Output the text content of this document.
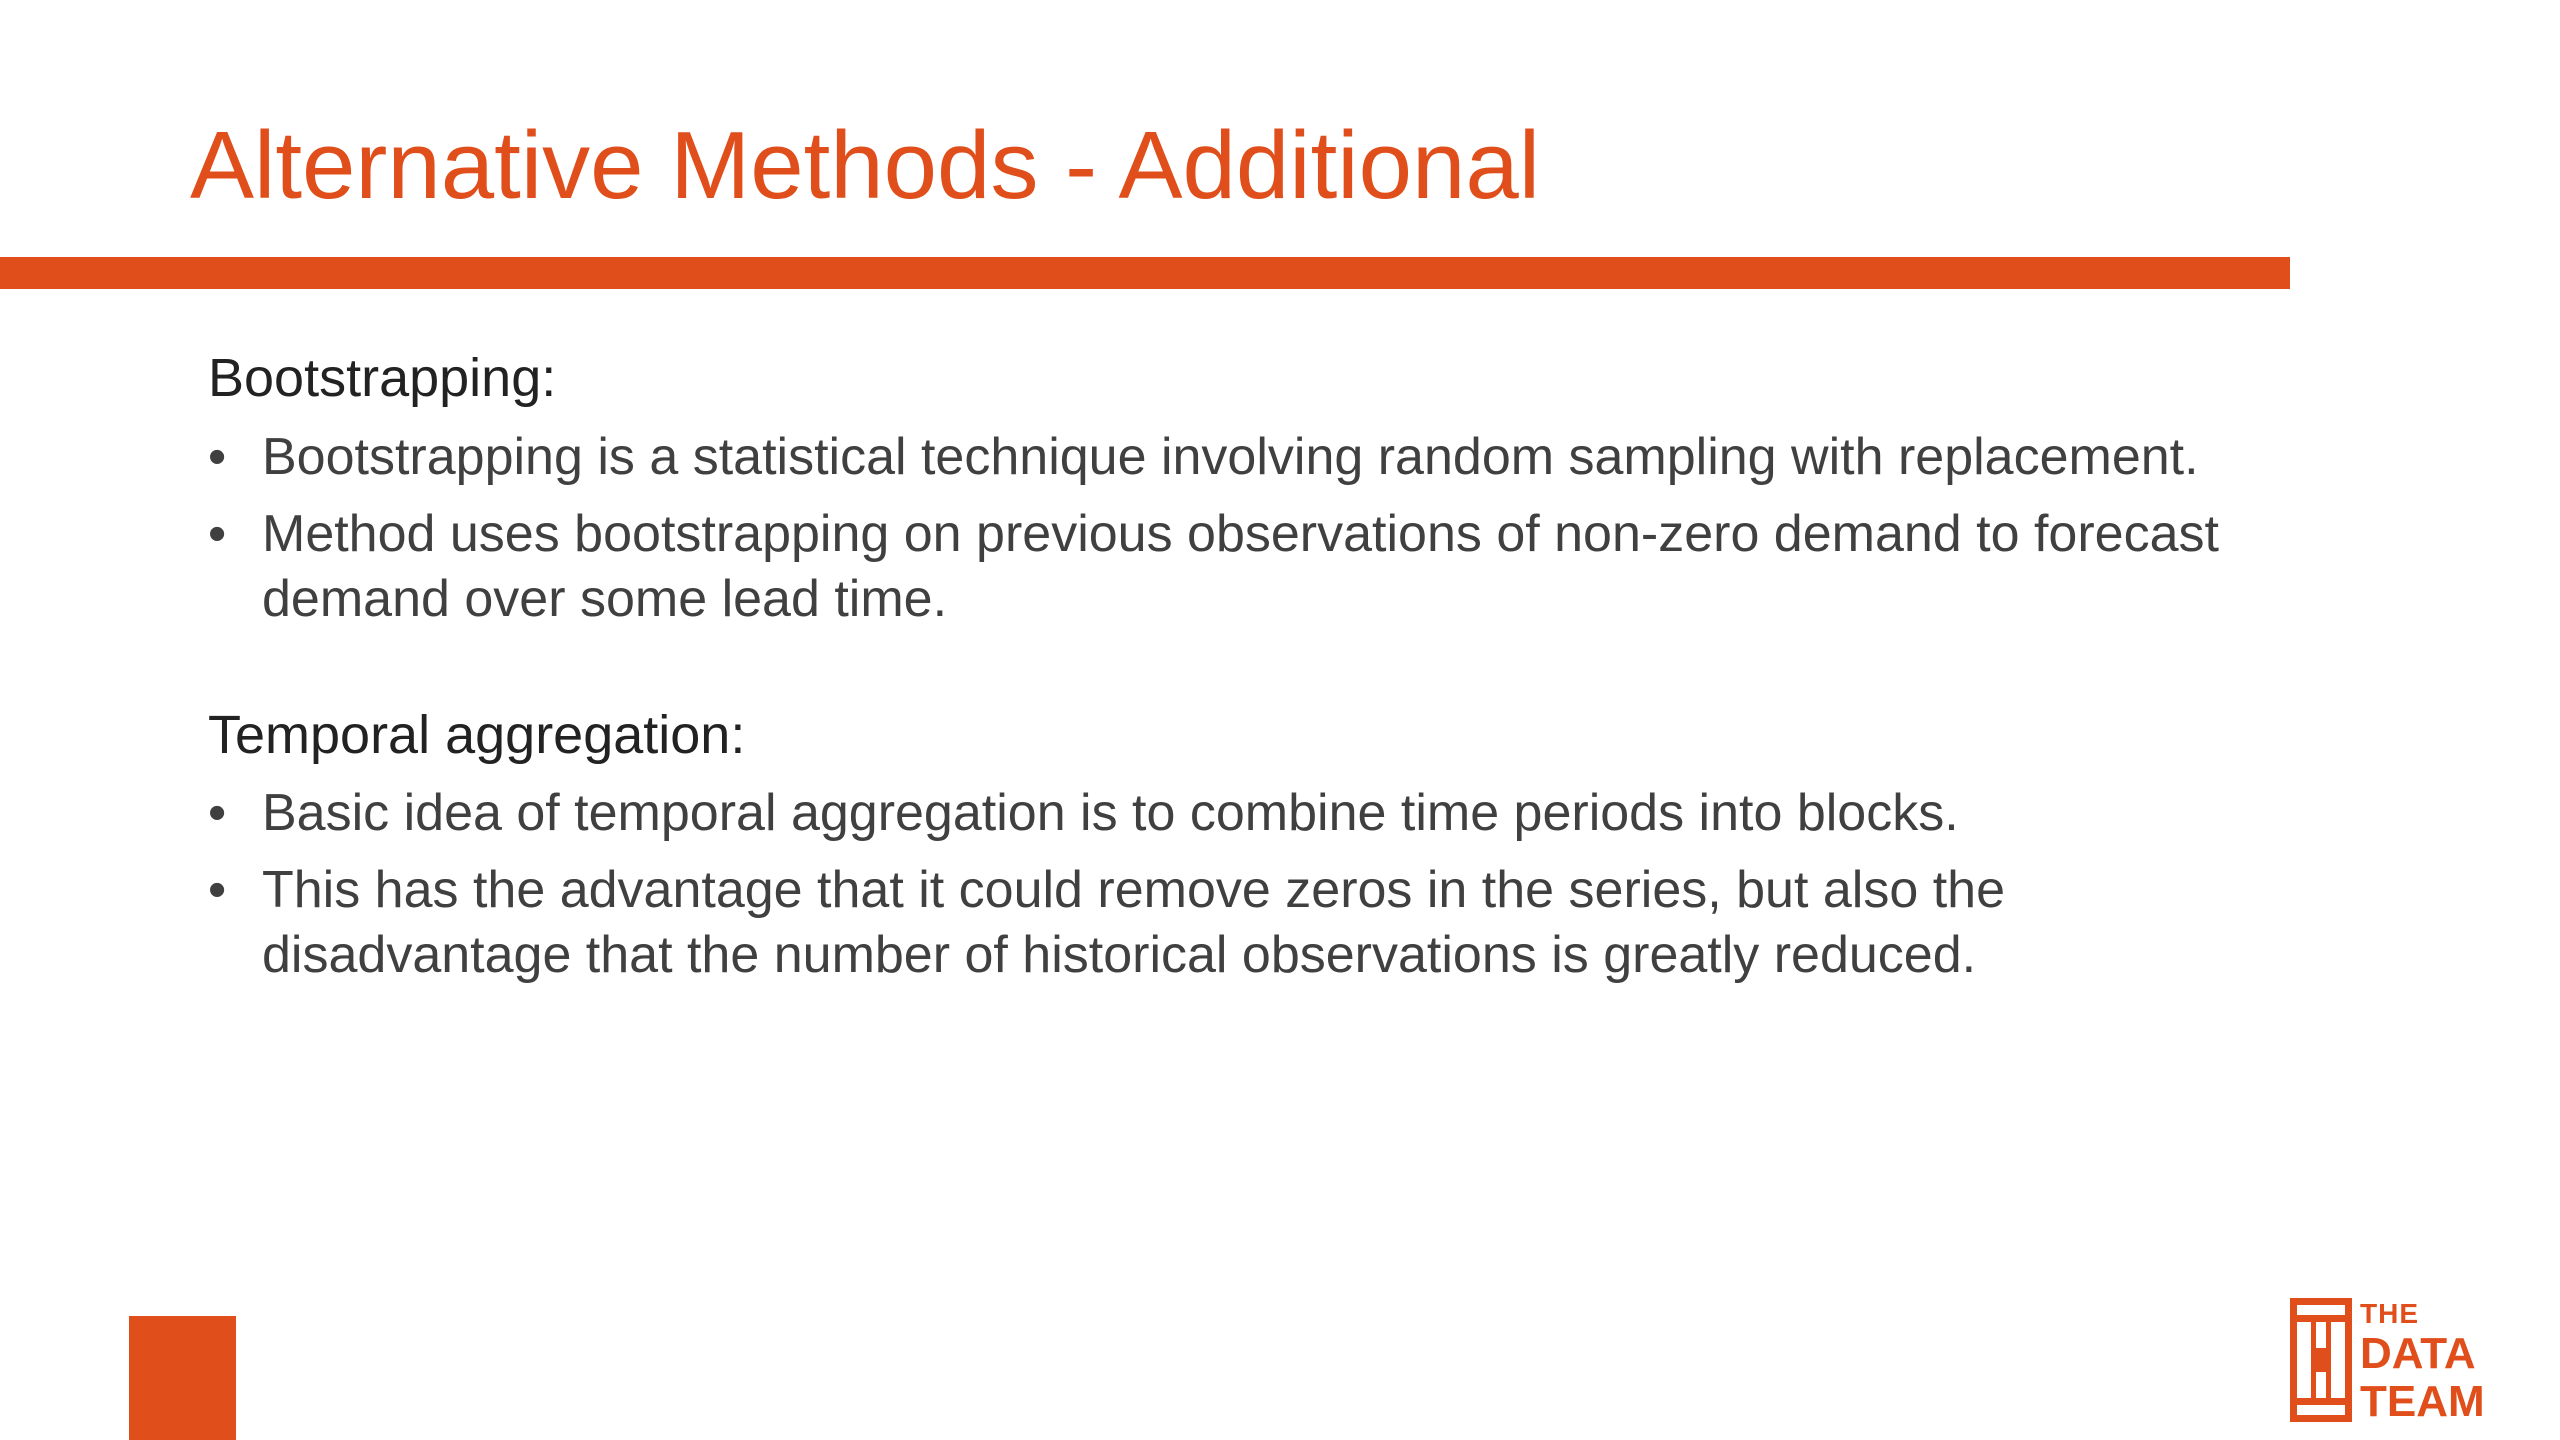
Alternative Methods - Additional

Bootstrapping:

• Bootstrapping is a statistical technique involving random sampling with replacement.
• Method uses bootstrapping on previous observations of non-zero demand to forecast demand over some lead time.

Temporal aggregation:

• Basic idea of temporal aggregation is to combine time periods into blocks.
• This has the advantage that it could remove zeros in the series, but also the disadvantage that the number of historical observations is greatly reduced.
THE
DATA
TEAM
